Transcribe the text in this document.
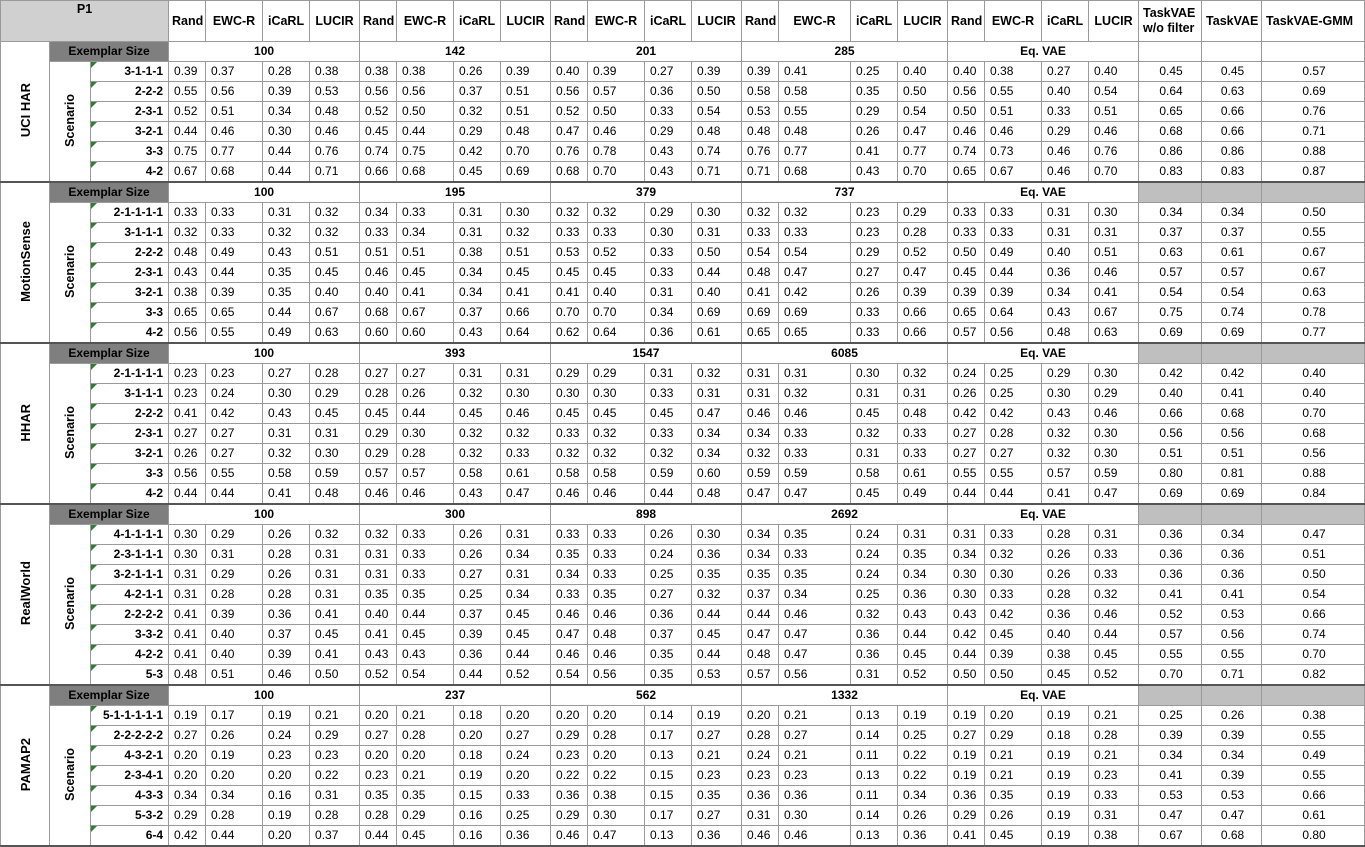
P1			Rand	EWC-R	iCaRL	LUCIR	Rand	EWC-R	iCaRL	LUCIR	Rand	EWC-R	iCaRL	LUCIR	Rand	EWC-R	iCaRL	LUCIR	Rand	EWC-R	iCaRL	LUCIR	TaskVAE w/o filter	TaskVAE	TaskVAE-GMM
UCI HAR	Exemplar Size		100				142				201				285				Eq. VAE						
	Scenario	3-1-1-1	0.39	0.37	0.28	0.38	0.38	0.38	0.26	0.39	0.40	0.39	0.27	0.39	0.39	0.41	0.25	0.40	0.40	0.38	0.27	0.40	0.45	0.45	0.57
		2-2-2	0.55	0.56	0.39	0.53	0.56	0.56	0.37	0.51	0.56	0.57	0.36	0.50	0.58	0.58	0.35	0.50	0.56	0.55	0.40	0.54	0.64	0.63	0.69
		2-3-1	0.52	0.51	0.34	0.48	0.52	0.50	0.32	0.51	0.52	0.50	0.33	0.54	0.53	0.55	0.29	0.54	0.50	0.51	0.33	0.51	0.65	0.66	0.76
		3-2-1	0.44	0.46	0.30	0.46	0.45	0.44	0.29	0.48	0.47	0.46	0.29	0.48	0.48	0.48	0.26	0.47	0.46	0.46	0.29	0.46	0.68	0.66	0.71
		3-3	0.75	0.77	0.44	0.76	0.74	0.75	0.42	0.70	0.76	0.78	0.43	0.74	0.76	0.77	0.41	0.77	0.74	0.73	0.46	0.76	0.86	0.86	0.88
		4-2	0.67	0.68	0.44	0.71	0.66	0.68	0.45	0.69	0.68	0.70	0.43	0.71	0.71	0.68	0.43	0.70	0.65	0.67	0.46	0.70	0.83	0.83	0.87
MotionSense	Exemplar Size		100				195				379				737				Eq. VAE						
	Scenario	2-1-1-1-1	0.33	0.33	0.31	0.32	0.34	0.33	0.31	0.30	0.32	0.32	0.29	0.30	0.32	0.32	0.23	0.29	0.33	0.33	0.31	0.30	0.34	0.34	0.50
		3-1-1-1	0.32	0.33	0.32	0.32	0.33	0.34	0.31	0.32	0.33	0.33	0.30	0.31	0.33	0.33	0.23	0.28	0.33	0.33	0.31	0.31	0.37	0.37	0.55
		2-2-2	0.48	0.49	0.43	0.51	0.51	0.51	0.38	0.51	0.53	0.52	0.33	0.50	0.54	0.54	0.29	0.52	0.50	0.49	0.40	0.51	0.63	0.61	0.67
		2-3-1	0.43	0.44	0.35	0.45	0.46	0.45	0.34	0.45	0.45	0.45	0.33	0.44	0.48	0.47	0.27	0.47	0.45	0.44	0.36	0.46	0.57	0.57	0.67
		3-2-1	0.38	0.39	0.35	0.40	0.40	0.41	0.34	0.41	0.41	0.40	0.31	0.40	0.41	0.42	0.26	0.39	0.39	0.39	0.34	0.41	0.54	0.54	0.63
		3-3	0.65	0.65	0.44	0.67	0.68	0.67	0.37	0.66	0.70	0.70	0.34	0.69	0.69	0.69	0.33	0.66	0.65	0.64	0.43	0.67	0.75	0.74	0.78
		4-2	0.56	0.55	0.49	0.63	0.60	0.60	0.43	0.64	0.62	0.64	0.36	0.61	0.65	0.65	0.33	0.66	0.57	0.56	0.48	0.63	0.69	0.69	0.77
HHAR	Exemplar Size		100				393				1547				6085				Eq. VAE						
	Scenario	2-1-1-1-1	0.23	0.23	0.27	0.28	0.27	0.27	0.31	0.31	0.29	0.29	0.31	0.32	0.31	0.31	0.30	0.32	0.24	0.25	0.29	0.30	0.42	0.42	0.40
		3-1-1-1	0.23	0.24	0.30	0.29	0.28	0.26	0.32	0.30	0.30	0.30	0.33	0.31	0.31	0.32	0.31	0.31	0.26	0.25	0.30	0.29	0.40	0.41	0.40
		2-2-2	0.41	0.42	0.43	0.45	0.45	0.44	0.45	0.46	0.45	0.45	0.45	0.47	0.46	0.46	0.45	0.48	0.42	0.42	0.43	0.46	0.66	0.68	0.70
		2-3-1	0.27	0.27	0.31	0.31	0.29	0.30	0.32	0.32	0.33	0.32	0.33	0.34	0.34	0.33	0.32	0.33	0.27	0.28	0.32	0.30	0.56	0.56	0.68
		3-2-1	0.26	0.27	0.32	0.30	0.29	0.28	0.32	0.33	0.32	0.32	0.32	0.34	0.32	0.33	0.31	0.33	0.27	0.27	0.32	0.30	0.51	0.51	0.56
		3-3	0.56	0.55	0.58	0.59	0.57	0.57	0.58	0.61	0.58	0.58	0.59	0.60	0.59	0.59	0.58	0.61	0.55	0.55	0.57	0.59	0.80	0.81	0.88
		4-2	0.44	0.44	0.41	0.48	0.46	0.46	0.43	0.47	0.46	0.46	0.44	0.48	0.47	0.47	0.45	0.49	0.44	0.44	0.41	0.47	0.69	0.69	0.84
RealWorld	Exemplar Size		100				300				898				2692				Eq. VAE						
	Scenario	4-1-1-1-1	0.30	0.29	0.26	0.32	0.32	0.33	0.26	0.31	0.33	0.33	0.26	0.30	0.34	0.35	0.24	0.31	0.31	0.33	0.28	0.31	0.36	0.34	0.47
		2-3-1-1-1	0.30	0.31	0.28	0.31	0.31	0.33	0.26	0.34	0.35	0.33	0.24	0.36	0.34	0.33	0.24	0.35	0.34	0.32	0.26	0.33	0.36	0.36	0.51
		3-2-1-1-1	0.31	0.29	0.26	0.31	0.31	0.33	0.27	0.31	0.34	0.33	0.25	0.35	0.35	0.35	0.24	0.34	0.30	0.30	0.26	0.33	0.36	0.36	0.50
		4-2-1-1	0.31	0.28	0.28	0.31	0.35	0.35	0.25	0.34	0.33	0.35	0.27	0.32	0.37	0.34	0.25	0.36	0.30	0.33	0.28	0.32	0.41	0.41	0.54
		2-2-2-2	0.41	0.39	0.36	0.41	0.40	0.44	0.37	0.45	0.46	0.46	0.36	0.44	0.44	0.46	0.32	0.43	0.43	0.42	0.36	0.46	0.52	0.53	0.66
		3-3-2	0.41	0.40	0.37	0.45	0.41	0.45	0.39	0.45	0.47	0.48	0.37	0.45	0.47	0.47	0.36	0.44	0.42	0.45	0.40	0.44	0.57	0.56	0.74
		4-2-2	0.41	0.40	0.39	0.41	0.43	0.43	0.36	0.44	0.46	0.46	0.35	0.44	0.48	0.47	0.36	0.45	0.44	0.39	0.38	0.45	0.55	0.55	0.70
		5-3	0.48	0.51	0.46	0.50	0.52	0.54	0.44	0.52	0.54	0.56	0.35	0.53	0.57	0.56	0.31	0.52	0.50	0.50	0.45	0.52	0.70	0.71	0.82
PAMAP2	Exemplar Size		100				237				562				1332				Eq. VAE						
	Scenario	5-1-1-1-1-1	0.19	0.17	0.19	0.21	0.20	0.21	0.18	0.20	0.20	0.20	0.14	0.19	0.20	0.21	0.13	0.19	0.19	0.20	0.19	0.21	0.25	0.26	0.38
		2-2-2-2-2	0.27	0.26	0.24	0.29	0.27	0.28	0.20	0.27	0.29	0.28	0.17	0.27	0.28	0.27	0.14	0.25	0.27	0.29	0.18	0.28	0.39	0.39	0.55
		4-3-2-1	0.20	0.19	0.23	0.23	0.20	0.20	0.18	0.24	0.23	0.20	0.13	0.21	0.24	0.21	0.11	0.22	0.19	0.21	0.19	0.21	0.34	0.34	0.49
		2-3-4-1	0.20	0.20	0.20	0.22	0.23	0.21	0.19	0.20	0.22	0.22	0.15	0.23	0.23	0.23	0.13	0.22	0.19	0.21	0.19	0.23	0.41	0.39	0.55
		4-3-3	0.34	0.34	0.16	0.31	0.35	0.35	0.15	0.33	0.36	0.38	0.15	0.35	0.36	0.36	0.11	0.34	0.36	0.35	0.19	0.33	0.53	0.53	0.66
		5-3-2	0.29	0.28	0.19	0.28	0.28	0.29	0.16	0.25	0.29	0.30	0.17	0.27	0.31	0.30	0.14	0.26	0.29	0.26	0.19	0.31	0.47	0.47	0.61
		6-4	0.42	0.44	0.20	0.37	0.44	0.45	0.16	0.36	0.46	0.47	0.13	0.36	0.46	0.46	0.13	0.36	0.41	0.45	0.19	0.38	0.67	0.68	0.80
